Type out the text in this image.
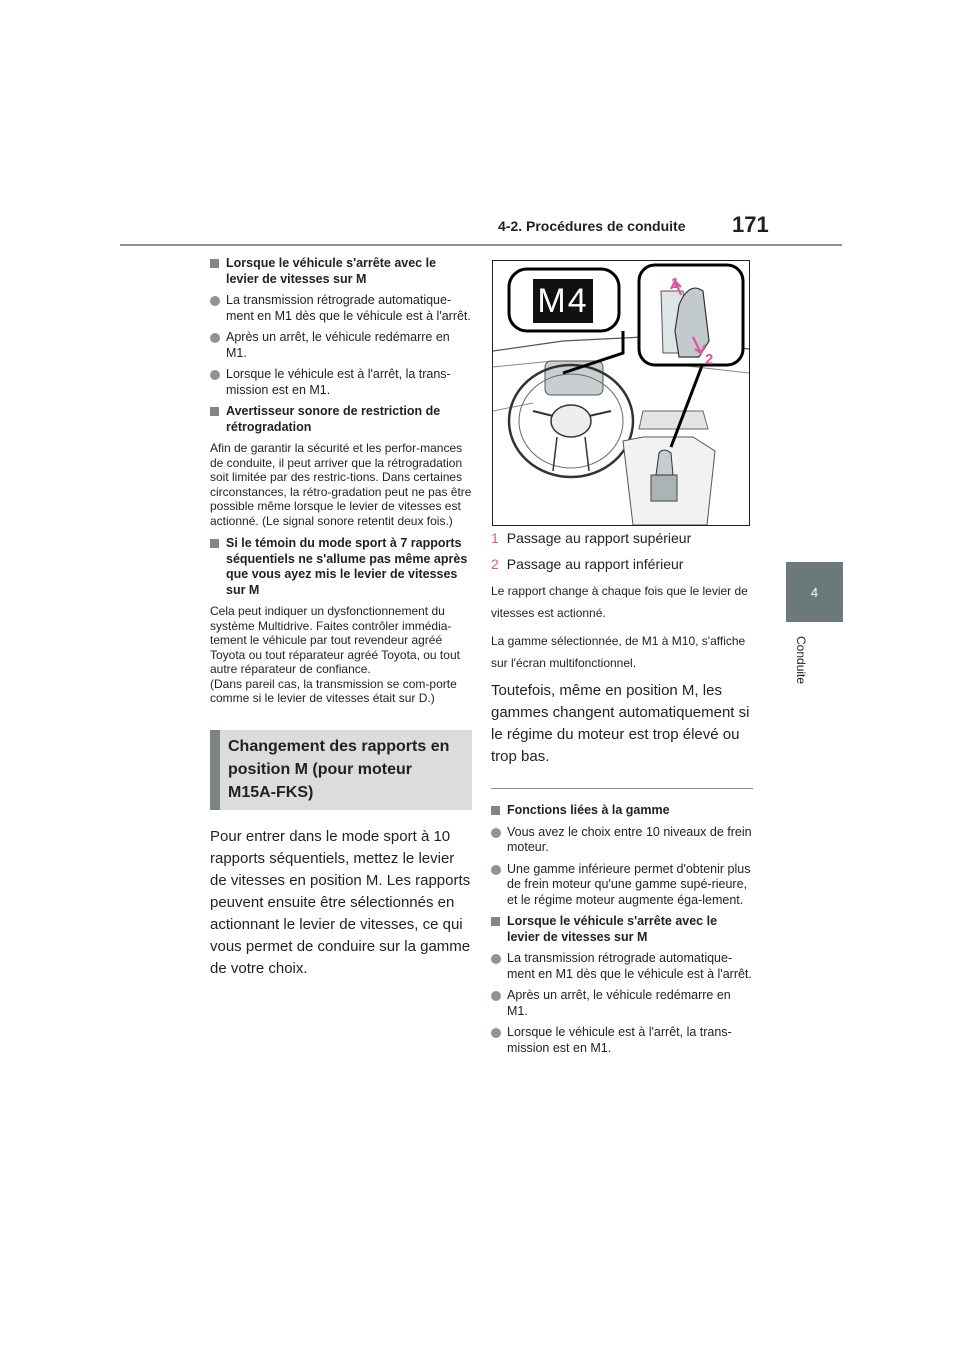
4-2. Procédures de conduite 171
4
Conduite

Lorsque le véhicule s'arrête avec le levier de vitesses sur M

La transmission rétrograde automatique-ment en M1 dès que le véhicule est à l'arrêt.

Après un arrêt, le véhicule redémarre en M1.

Lorsque le véhicule est à l'arrêt, la trans-mission est en M1.

Avertisseur sonore de restriction de rétrogradation

Afin de garantir la sécurité et les perfor-mances de conduite, il peut arriver que la rétrogradation soit limitée par des restric-tions. Dans certaines circonstances, la rétro-gradation peut ne pas être possible même lorsque le levier de vitesses est actionné. (Le signal sonore retentit deux fois.)

Si le témoin du mode sport à 7 rapports séquentiels ne s'allume pas même après que vous ayez mis le levier de vitesses sur M

Cela peut indiquer un dysfonctionnement du système Multidrive. Faites contrôler immédia-tement le véhicule par tout revendeur agréé Toyota ou tout réparateur agréé Toyota, ou tout autre réparateur de confiance.

(Dans pareil cas, la transmission se com-porte comme si le levier de vitesses était sur D.)

Changement des rapports en position M (pour moteur M15A-FKS)

Pour entrer dans le mode sport à 10 rapports séquentiels, mettez le levier de vitesses en position M. Les rapports peuvent ensuite être sélectionnés en actionnant le levier de vitesses, ce qui vous permet de conduire sur la gamme de votre choix.

M4	1
2

1 Passage au rapport supérieur

2 Passage au rapport inférieur

Le rapport change à chaque fois que le levier de vitesses est actionné.

La gamme sélectionnée, de M1 à M10, s'affiche sur l'écran multifonctionnel.

Toutefois, même en position M, les gammes changent automatiquement si le régime du moteur est trop élevé ou trop bas.

Fonctions liées à la gamme

Vous avez le choix entre 10 niveaux de frein moteur.

Une gamme inférieure permet d'obtenir plus de frein moteur qu'une gamme supé-rieure, et le régime moteur augmente éga-lement.

Lorsque le véhicule s'arrête avec le levier de vitesses sur M

La transmission rétrograde automatique-ment en M1 dès que le véhicule est à l'arrêt.

Après un arrêt, le véhicule redémarre en M1.

Lorsque le véhicule est à l'arrêt, la trans-mission est en M1.
